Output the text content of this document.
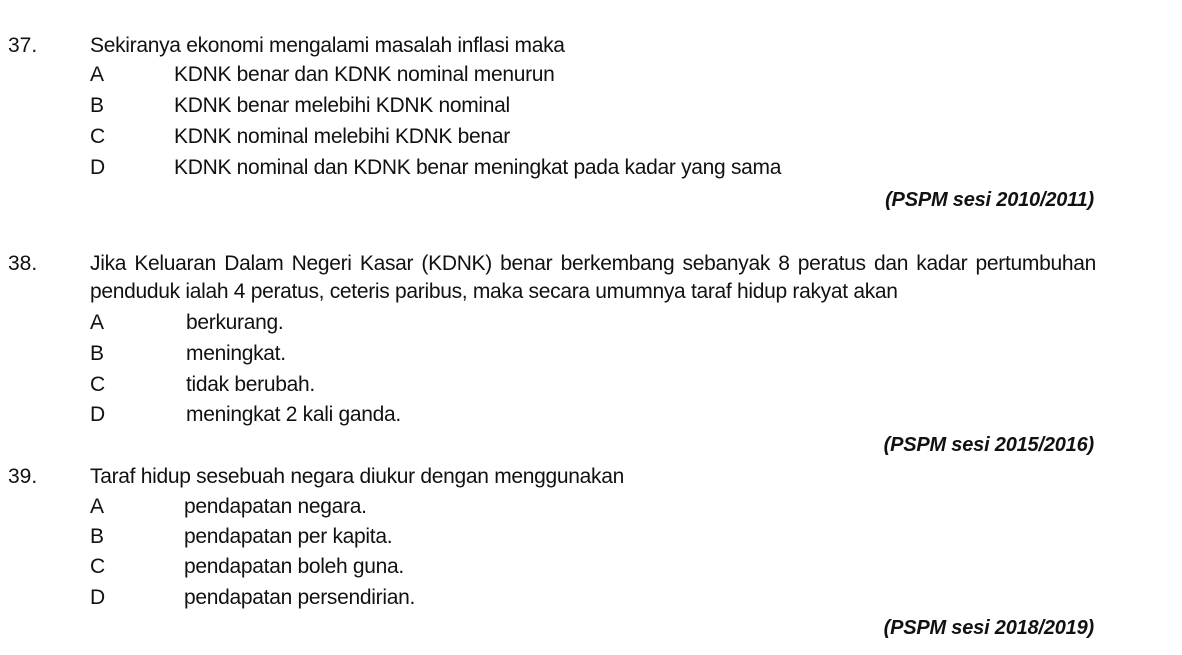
37.	Sekiranya ekonomi mengalami masalah inflasi maka
A	KDNK benar dan KDNK nominal menurun
B	KDNK benar melebihi KDNK nominal
C	KDNK nominal melebihi KDNK benar
D	KDNK nominal dan KDNK benar meningkat pada kadar yang sama
(PSPM sesi 2010/2011)
38.	Jika Keluaran Dalam Negeri Kasar (KDNK) benar berkembang sebanyak 8 peratus dan kadar pertumbuhan penduduk ialah 4 peratus, ceteris paribus, maka secara umumnya taraf hidup rakyat akan
A	berkurang.
B	meningkat.
C	tidak berubah.
D	meningkat 2 kali ganda.
(PSPM sesi 2015/2016)
39.	Taraf hidup sesebuah negara diukur dengan menggunakan
A	pendapatan negara.
B	pendapatan per kapita.
C	pendapatan boleh guna.
D	pendapatan persendirian.
(PSPM sesi 2018/2019)
